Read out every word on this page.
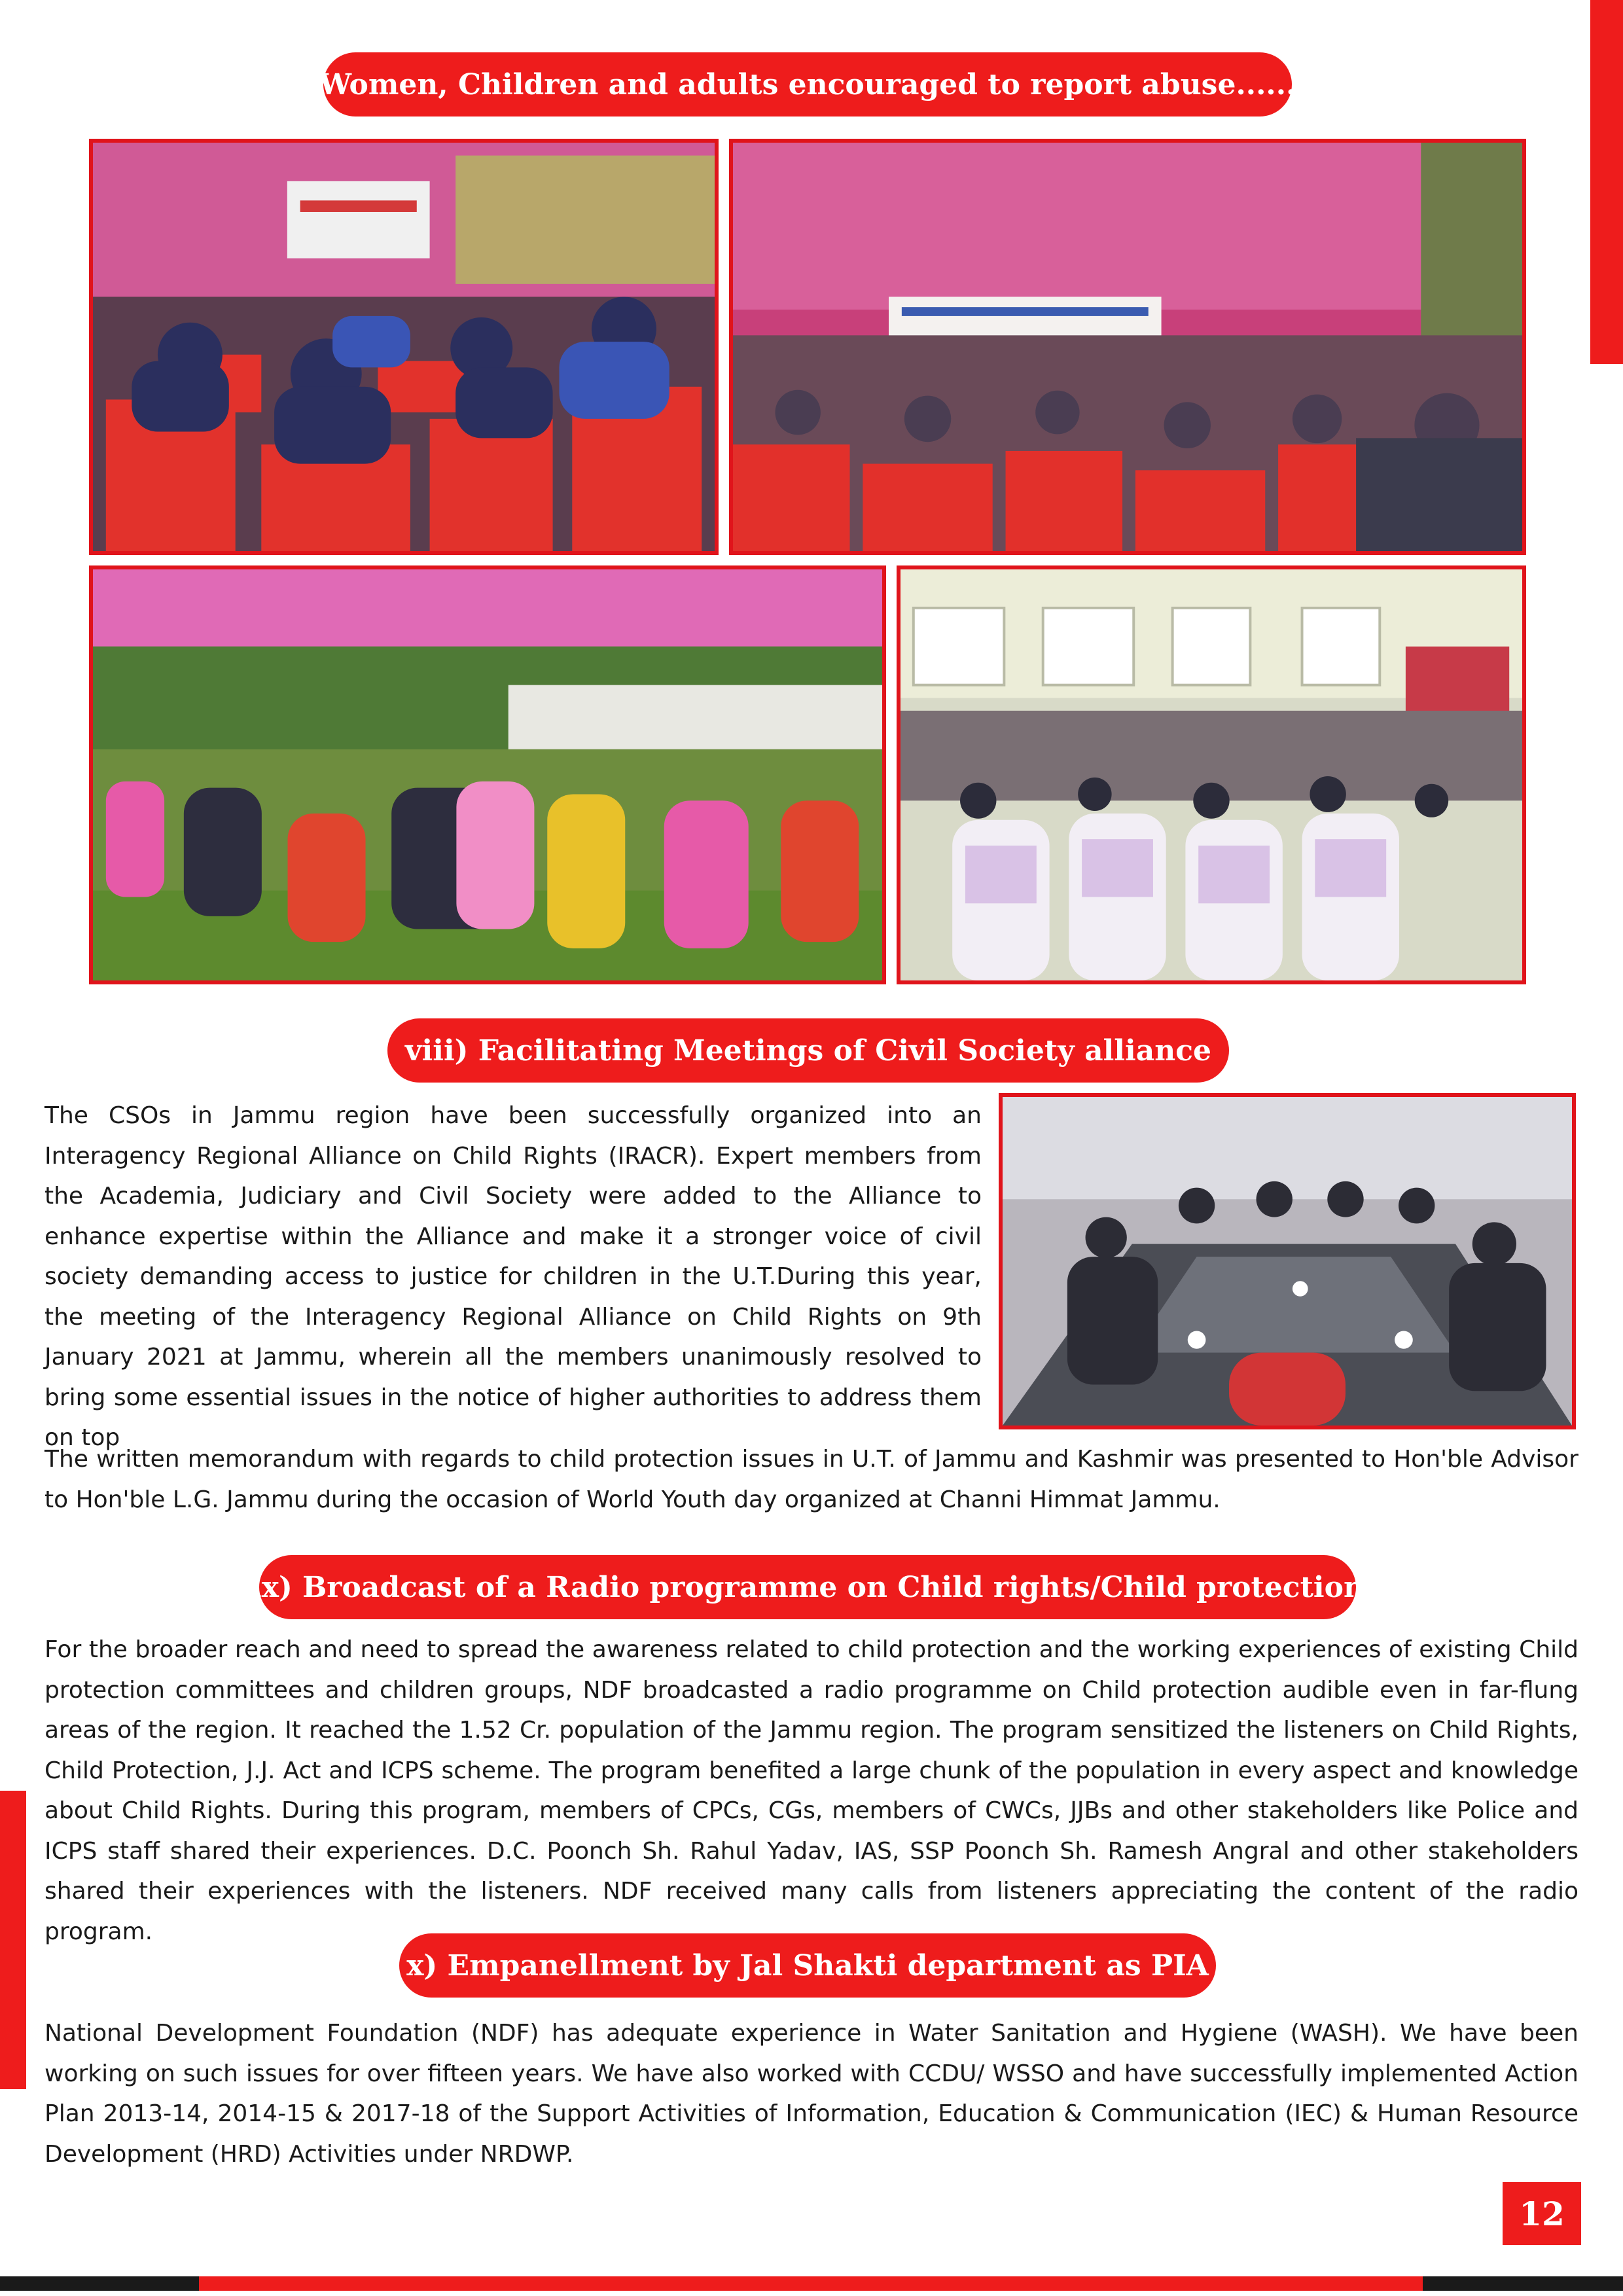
Women, Children and adults encouraged to report abuse......
viii) Facilitating Meetings of Civil Society alliance

The CSOs in Jammu region have been successfully organized into an Interagency Regional Alliance on Child Rights (IRACR). Expert members from the Academia, Judiciary and Civil Society were added to the Alliance to enhance expertise within the Alliance and make it a stronger voice of civil society demanding access to justice for children in the U.T.During this year, the meeting of the Interagency Regional Alliance on Child Rights on 9th January 2021 at Jammu, wherein all the members unanimously resolved to bring some essential issues in the notice of higher authorities to address them on top

The written memorandum with regards to child protection issues in U.T. of Jammu and Kashmir was presented to Hon'ble Advisor to Hon'ble L.G. Jammu during the occasion of World Youth day organized at Channi Himmat Jammu.

ix) Broadcast of a Radio programme on Child rights/Child protection

For the broader reach and need to spread the awareness related to child protection and the working experiences of existing Child protection committees and children groups, NDF broadcasted a radio programme on Child protection audible even in far-flung areas of the region. It reached the 1.52 Cr. population of the Jammu region. The program sensitized the listeners on Child Rights, Child Protection, J.J. Act and ICPS scheme. The program benefited a large chunk of the population in every aspect and knowledge about Child Rights. During this program, members of CPCs, CGs, members of CWCs, JJBs and other stakeholders like Police and ICPS staff shared their experiences. D.C. Poonch Sh. Rahul Yadav, IAS, SSP Poonch Sh. Ramesh Angral and other stakeholders shared their experiences with the listeners. NDF received many calls from listeners appreciating the content of the radio program.

x) Empanellment by Jal Shakti department as PIA

National Development Foundation (NDF) has adequate experience in Water Sanitation and Hygiene (WASH). We have been working on such issues for over fifteen years. We have also worked with CCDU/ WSSO and have successfully implemented Action Plan 2013-14, 2014-15 & 2017-18 of the Support Activities of Information, Education & Communication (IEC) & Human Resource Development (HRD) Activities under NRDWP.

12
